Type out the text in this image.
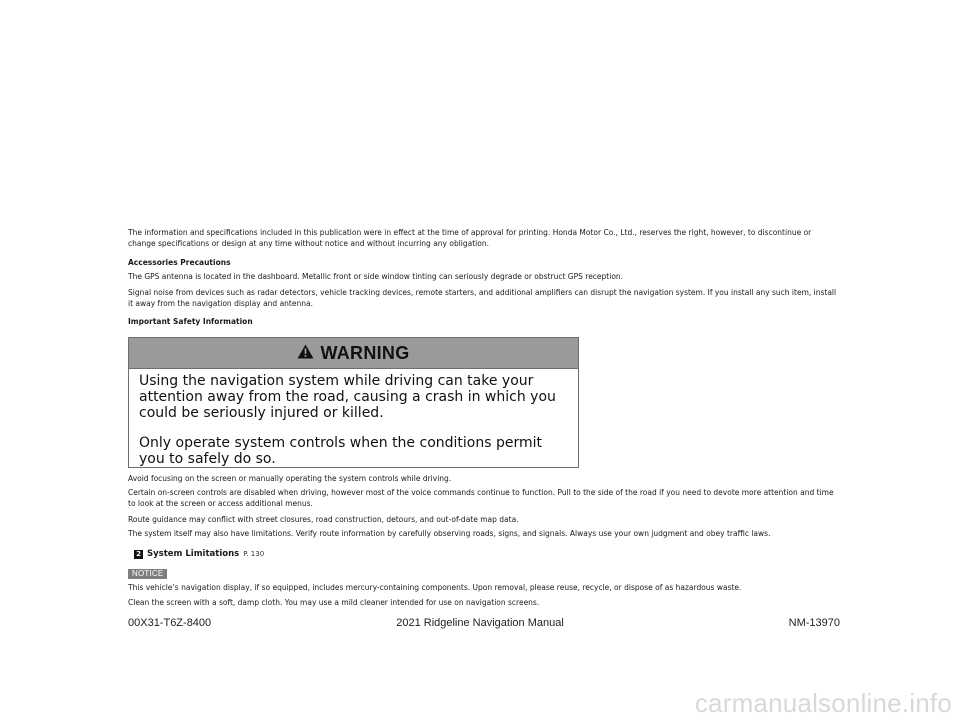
The information and specifications included in this publication were in effect at the time of approval for printing. Honda Motor Co., Ltd., reserves the right, however, to discontinue or change specifications or design at any time without notice and without incurring any obligation.

Accessories Precautions

The GPS antenna is located in the dashboard. Metallic front or side window tinting can seriously degrade or obstruct GPS reception.

Signal noise from devices such as radar detectors, vehicle tracking devices, remote starters, and additional amplifiers can disrupt the navigation system. If you install any such item, install it away from the navigation display and antenna.

Important Safety Information

WARNING

Using the navigation system while driving can take your attention away from the road, causing a crash in which you could be seriously injured or killed.

Only operate system controls when the conditions permit you to safely do so.

Avoid focusing on the screen or manually operating the system controls while driving.

Certain on-screen controls are disabled when driving, however most of the voice commands continue to function. Pull to the side of the road if you need to devote more attention and time to look at the screen or access additional menus.

Route guidance may conflict with street closures, road construction, detours, and out-of-date map data.

The system itself may also have limitations. Verify route information by carefully observing roads, signs, and signals. Always use your own judgment and obey traffic laws.

2 System Limitations P. 130
NOTICE

This vehicle’s navigation display, if so equipped, includes mercury-containing components. Upon removal, please reuse, recycle, or dispose of as hazardous waste.

Clean the screen with a soft, damp cloth. You may use a mild cleaner intended for use on navigation screens.

00X31-T6Z-8400	2021 Ridgeline Navigation Manual	NM-13970
carmanualsonline.info
